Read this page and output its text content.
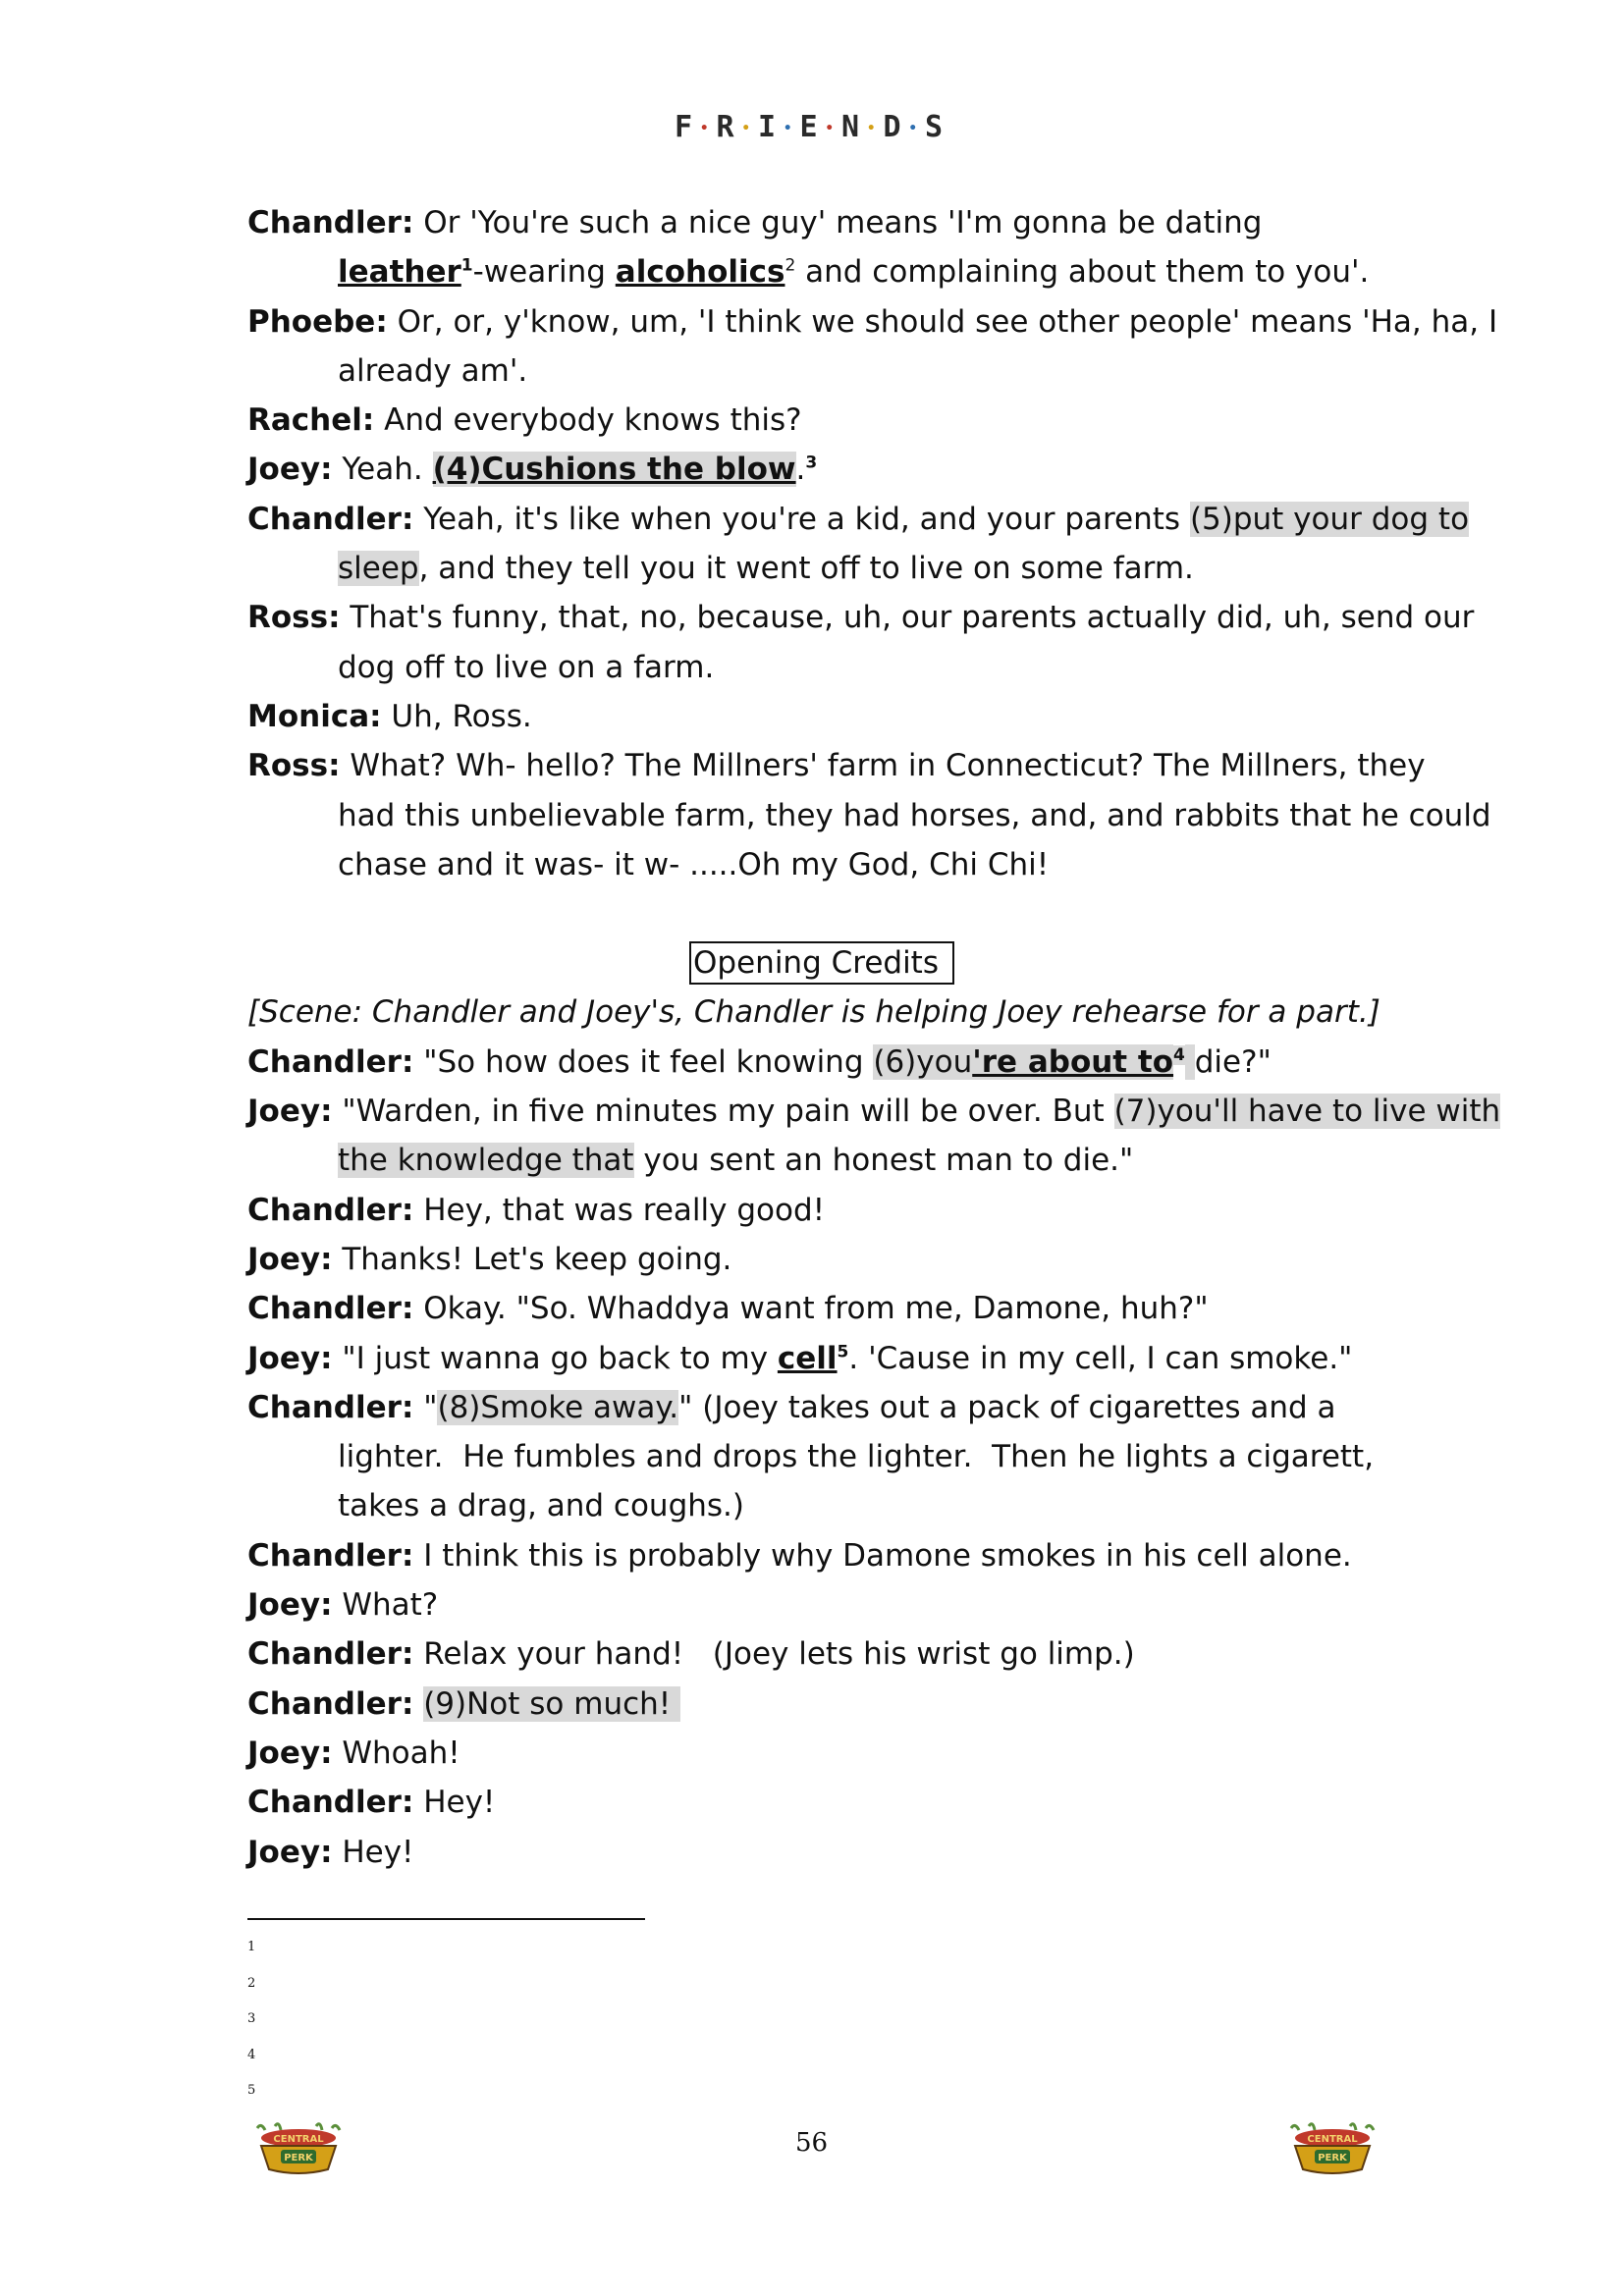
F •R •I •E •N •D •S
Chandler: Or 'You're such a nice guy' means 'I'm gonna be dating
leather$^1$-wearing alcoholics$^2$ and complaining about them to you'.
Phoebe: Or, or, y'know, um, 'I think we should see other people' means 'Ha, ha, I
already am'.
Rachel: And everybody knows this?
Joey: Yeah. (4)Cushions the blow.$^3$
Chandler: Yeah, it's like when you're a kid, and your parents (5)put your dog to
sleep, and they tell you it went off to live on some farm.
Ross: That's funny, that, no, because, uh, our parents actually did, uh, send our
dog off to live on a farm.
Monica: Uh, Ross.
Ross: What? Wh- hello? The Millners' farm in Connecticut? The Millners, they
had this unbelievable farm, they had horses, and, and rabbits that he could
chase and it was- it w- .....Oh my God, Chi Chi!
Opening Credits
[Scene: Chandler and Joey's, Chandler is helping Joey rehearse for a part.]
Chandler: "So how does it feel knowing (6)you're about $to^4$ die?"
Joey: "Warden, in five minutes my pain will be over. But (7)you'll have to live with
the knowledge that you sent an honest man to die."
Chandler: Hey, that was really good!
Joey: Thanks! Let's keep going.
Chandler: Okay. "So. Whaddya want from me, Damone, huh?"
Joey: "I just wanna go back to my cell$^5$. 'Cause in my cell, I can smoke."
Chandler: "(8)Smoke away." (Joey takes out a pack of cigarettes and a
lighter.  He fumbles and drops the lighter.  Then he lights a cigarett,
takes a drag, and coughs.)
Chandler: I think this is probably why Damone smokes in his cell alone.
Joey: What?
Chandler: Relax your hand!   (Joey lets his wrist go limp.)
Chandler: (9)Not so much!
Joey: Whoah!
Chandler: Hey!
Joey: Hey!
1
2
3
4
5
56
CENTRAL
PERK
CENTRAL
PERK
